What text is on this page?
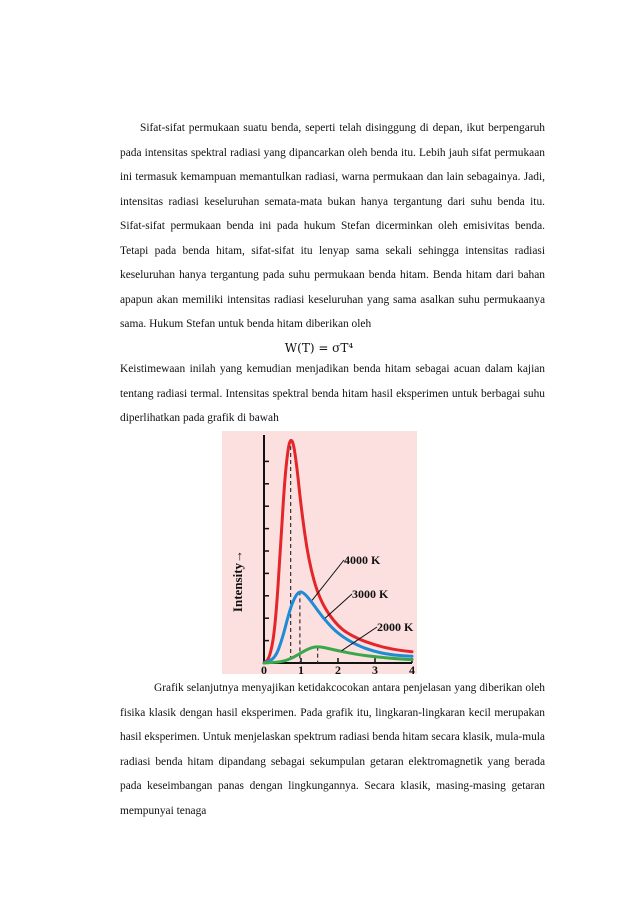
Sifat-sifat permukaan suatu benda, seperti telah disinggung di depan, ikut berpengaruh pada intensitas spektral radiasi yang dipancarkan oleh benda itu. Lebih jauh sifat permukaan ini termasuk kemampuan memantulkan radiasi, warna permukaan dan lain sebagainya. Jadi, intensitas radiasi keseluruhan semata-mata bukan hanya tergantung dari suhu benda itu. Sifat-sifat permukaan benda ini pada hukum Stefan dicerminkan oleh emisivitas benda. Tetapi pada benda hitam, sifat-sifat itu lenyap sama sekali sehingga intensitas radiasi keseluruhan hanya tergantung pada suhu permukaan benda hitam. Benda hitam dari bahan apapun akan memiliki intensitas radiasi keseluruhan yang sama asalkan suhu permukaanya sama. Hukum Stefan untuk benda hitam diberikan oleh

W(T) = σT⁴

Keistimewaan inilah yang kemudian menjadikan benda hitam sebagai acuan dalam kajian tentang radiasi termal. Intensitas spektral benda hitam hasil eksperimen untuk berbagai suhu diperlihatkan pada grafik di bawah

0	1	2	3	4
4000 K
3000 K
2000 K
Intensity→

Grafik selanjutnya menyajikan ketidakcocokan antara penjelasan yang diberikan oleh fisika klasik dengan hasil eksperimen. Pada grafik itu, lingkaran-lingkaran kecil merupakan hasil eksperimen. Untuk menjelaskan spektrum radiasi benda hitam secara klasik, mula-mula radiasi benda hitam dipandang sebagai sekumpulan getaran elektromagnetik yang berada pada keseimbangan panas dengan lingkungannya. Secara klasik, masing-masing getaran mempunyai tenaga
